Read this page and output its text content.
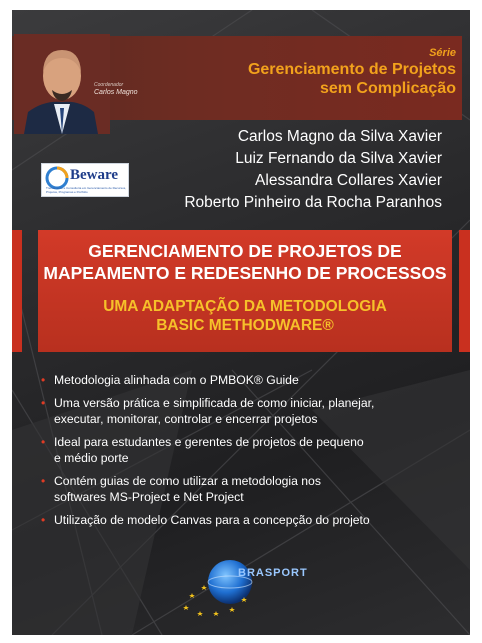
Coordenador
Carlos Magno
Série
Gerenciamento de Projetos
sem Complicação
Carlos Magno da Silva Xavier
Luiz Fernando da Silva Xavier
Alessandra Collares Xavier
Roberto Pinheiro da Rocha Paranhos
Beware
Treinamento e Consultoria em Gerenciamento de Recursos, Projetos, Programas e Portfólio
GERENCIAMENTO DE PROJETOS DE
MAPEAMENTO E REDESENHO DE PROCESSOS
UMA ADAPTAÇÃO DA METODOLOGIA
BASIC METHODWARE®
• Metodologia alinhada com o PMBOK® Guide
• Uma versão prática e simplificada de como iniciar, planejar,
executar, monitorar, controlar e encerrar projetos
• Ideal para estudantes e gerentes de projetos de pequeno
e médio porte
• Contém guias de como utilizar a metodologia nos
softwares MS-Project e Net Project
• Utilização de modelo Canvas para a concepção do projeto
BRASPORT
